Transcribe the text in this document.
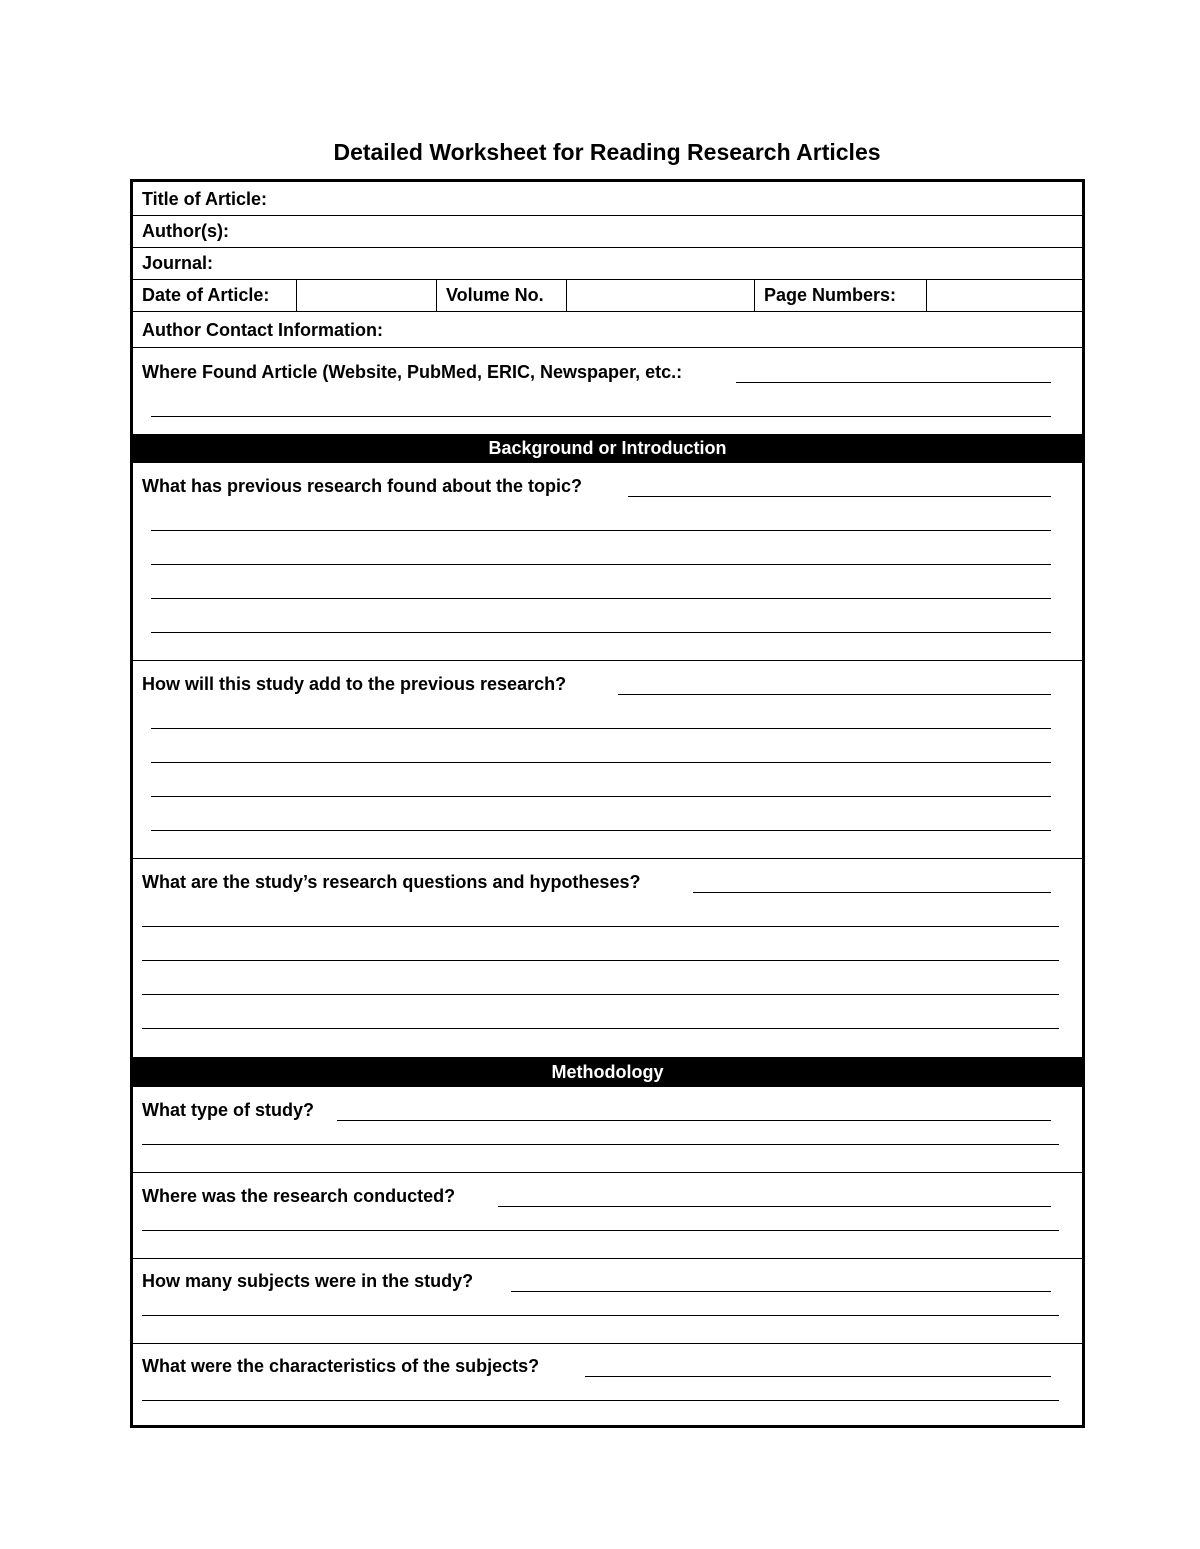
Detailed Worksheet for Reading Research Articles
Title of Article:
Author(s):
Journal:
Date of Article:	Volume No.	Page Numbers:
Author Contact Information:
Where Found Article (Website, PubMed, ERIC, Newspaper, etc.:
Background or Introduction
What has previous research found about the topic?
How will this study add to the previous research?
What are the study’s research questions and hypotheses?
Methodology
What type of study?
Where was the research conducted?
How many subjects were in the study?
What were the characteristics of the subjects?
